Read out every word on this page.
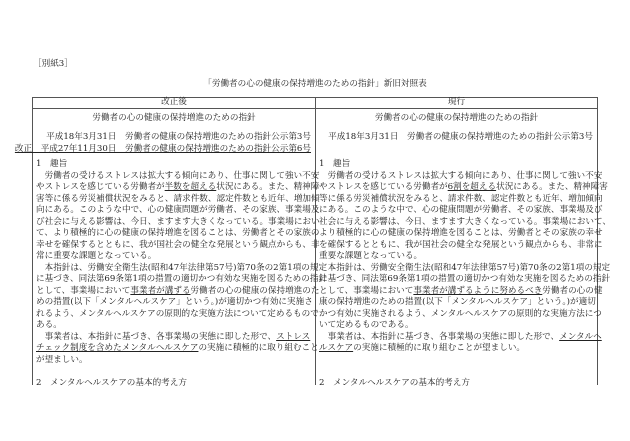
［別紙3］
「労働者の心の健康の保持増進のための指針」新旧対照表
改正後	現行
労働者の心の健康の保持増進のための指針
平成18年3月31日　労働者の健康の保持増進のための指針公示第3号
改正　平成27年11月30日　労働者の健康の保持増進のための指針公示第6号
1　趣旨
　労働者の受けるストレスは拡大する傾向にあり、仕事に関して強い不安
やストレスを感じている労働者が半数を超える状況にある。また、精神障
害等に係る労災補償状況をみると、請求件数、認定件数とも近年、増加傾
向にある。このような中で、心の健康問題が労働者、その家族、事業場及
び社会に与える影響は、今日、ますます大きくなっている。事業場におい
て、より積極的に心の健康の保持増進を図ることは、労働者とその家族の
幸せを確保するとともに、我が国社会の健全な発展という観点からも、非
常に重要な課題となっている。
　本指針は、労働安全衛生法(昭和47年法律第57号)第70条の2第1項の規定
に基づき、同法第69条第1項の措置の適切かつ有効な実施を図るための指針
として、事業場において事業者が講ずる労働者の心の健康の保持増進のた
めの措置(以下「メンタルヘルスケア」という。)が適切かつ有効に実施さ
れるよう、メンタルヘルスケアの原則的な実施方法について定めるもので
ある。
　事業者は、本指針に基づき、各事業場の実態に即した形で、ストレス
チェック制度を含めたメンタルヘルスケアの実施に積極的に取り組むこと
が望ましい。
2　メンタルヘルスケアの基本的考え方
労働者の心の健康の保持増進のための指針
平成18年3月31日　労働者の健康の保持増進のための指針公示第3号
1　趣旨
　労働者の受けるストレスは拡大する傾向にあり、仕事に関して強い不安
やストレスを感じている労働者が6割を超える状況にある。また、精神障害
等に係る労災補償状況をみると、請求件数、認定件数とも近年、増加傾向
にある。このような中で、心の健康問題が労働者、その家族、事業場及び
社会に与える影響は、今日、ますます大きくなっている。事業場において、
より積極的に心の健康の保持増進を図ることは、労働者とその家族の幸せ
を確保するとともに、我が国社会の健全な発展という観点からも、非常に
重要な課題となっている。
　本指針は、労働安全衛生法(昭和47年法律第57号)第70条の2第1項の規定
に基づき、同法第69条第1項の措置の適切かつ有効な実施を図るための指針
として、事業場において事業者が講ずるように努めるべき労働者の心の健
康の保持増進のための措置(以下「メンタルヘルスケア」という。)が適切
かつ有効に実施されるよう、メンタルヘルスケアの原則的な実施方法につ
いて定めるものである。
　事業者は、本指針に基づき、各事業場の実態に即した形で、メンタルヘ
ルスケアの実施に積極的に取り組むことが望ましい。
2　メンタルヘルスケアの基本的考え方
